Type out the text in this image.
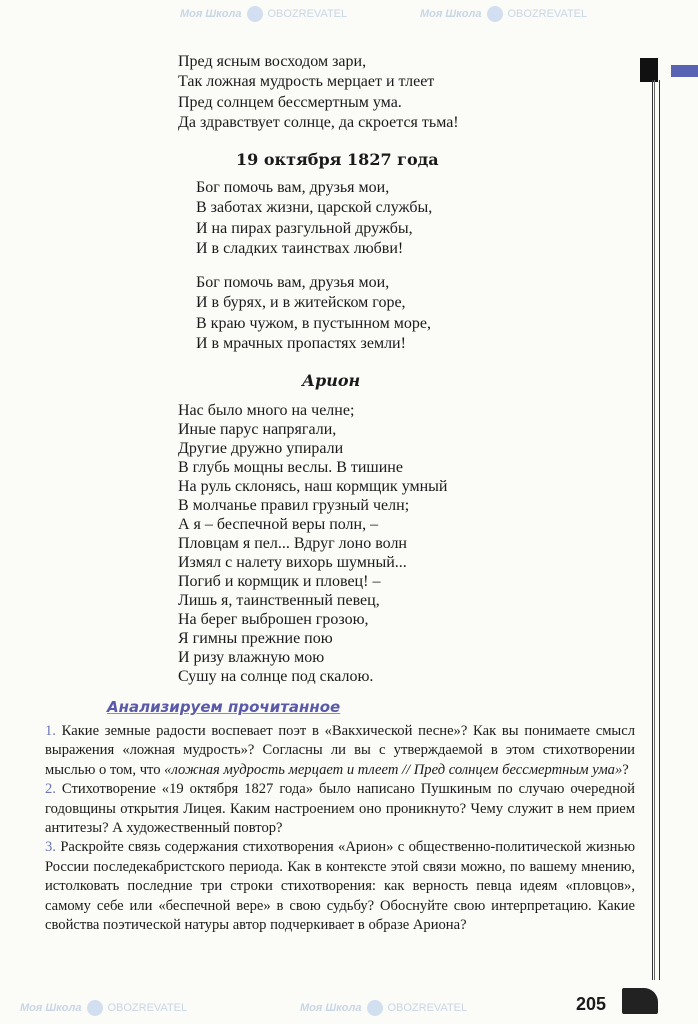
Моя Школа OBOZREVATEL	Моя Школа OBOZREVATEL
Моя Школа OBOZREVATEL	Моя Школа OBOZREVATEL
Пред ясным восходом зари,
Так ложная мудрость мерцает и тлеет
Пред солнцем бессмертным ума.
Да здравствует солнце, да скроется тьма!
19 октября 1827 года
Бог помочь вам, друзья мои,
В заботах жизни, царской службы,
И на пирах разгульной дружбы,
И в сладких таинствах любви!
Бог помочь вам, друзья мои,
И в бурях, и в житейском горе,
В краю чужом, в пустынном море,
И в мрачных пропастях земли!
Арион
Нас было много на челне;
Иные парус напрягали,
Другие дружно упирали
В глубь мощны веслы. В тишине
На руль склонясь, наш кормщик умный
В молчанье правил грузный челн;
А я – беспечной веры полн, –
Пловцам я пел... Вдруг лоно волн
Измял с налету вихорь шумный...
Погиб и кормщик и пловец! –
Лишь я, таинственный певец,
На берег выброшен грозою,
Я гимны прежние пою
И ризу влажную мою
Сушу на солнце под скалою.
Анализируем прочитанное
1. Какие земные радости воспевает поэт в «Вакхической песне»? Как вы понимаете смысл выражения «ложная мудрость»? Согласны ли вы с утверждаемой в этом стихотворении мыслью о том, что «ложная мудрость мерцает и тлеет // Пред солнцем бессмертным ума»?
2. Стихотворение «19 октября 1827 года» было написано Пушкиным по случаю очередной годовщины открытия Лицея. Каким настроением оно проникнуто? Чему служит в нем прием антитезы? А художественный повтор?
3. Раскройте связь содержания стихотворения «Арион» с общественно-политической жизнью России последекабристского периода. Как в контексте этой связи можно, по вашему мнению, истолковать последние три строки стихотворения: как верность певца идеям «пловцов», самому себе или «беспечной вере» в свою судьбу? Обоснуйте свою интерпретацию. Какие свойства поэтической натуры автор подчеркивает в образе Ариона?
205
